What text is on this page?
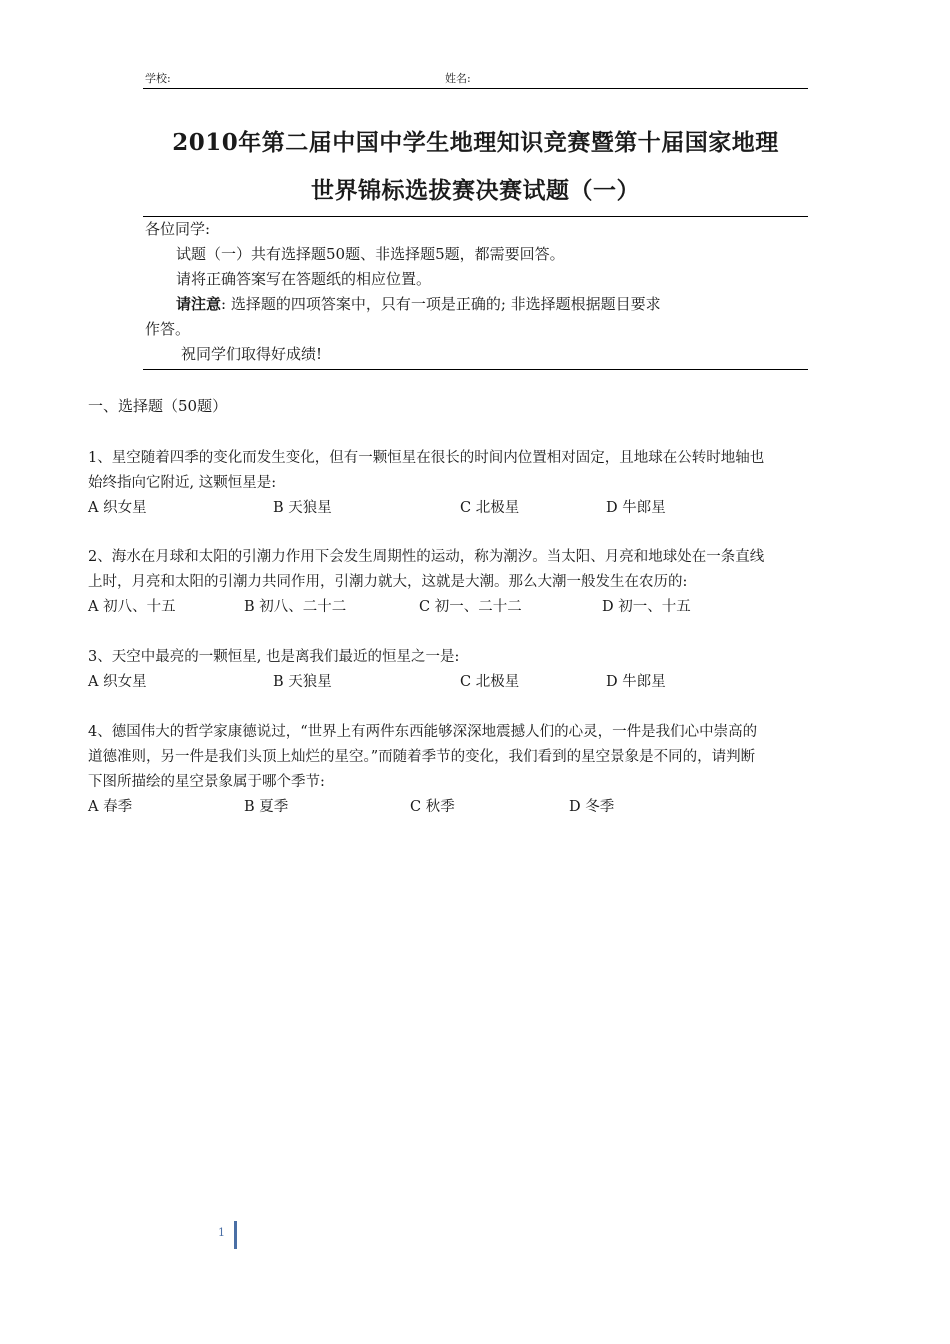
学校:	姓名:
2010年第二届中国中学生地理知识竞赛暨第十届国家地理
世界锦标选拔赛决赛试题（一）
各位同学:
试题（一）共有选择题50题、非选择题5题，都需要回答。
请将正确答案写在答题纸的相应位置。
请注意: 选择题的四项答案中，只有一项是正确的; 非选择题根据题目要求
作答。
祝同学们取得好成绩!
一、选择题（50题）
1、星空随着四季的变化而发生变化，但有一颗恒星在很长的时间内位置相对固定，且地球在公转时地轴也
始终指向它附近, 这颗恒星是:
A 织女星	B 天狼星	C 北极星	D 牛郎星
2、海水在月球和太阳的引潮力作用下会发生周期性的运动，称为潮汐。当太阳、月亮和地球处在一条直线
上时，月亮和太阳的引潮力共同作用，引潮力就大，这就是大潮。那么大潮一般发生在农历的:
A 初八、十五	B 初八、二十二	C 初一、二十二	D 初一、十五
3、天空中最亮的一颗恒星, 也是离我们最近的恒星之一是:
A 织女星	B 天狼星	C 北极星	D 牛郎星
4、德国伟大的哲学家康德说过，“世界上有两件东西能够深深地震撼人们的心灵，一件是我们心中崇高的
道德准则，另一件是我们头顶上灿烂的星空。”而随着季节的变化，我们看到的星空景象是不同的，请判断
下图所描绘的星空景象属于哪个季节:
A 春季	B 夏季	C 秋季	D 冬季
1
